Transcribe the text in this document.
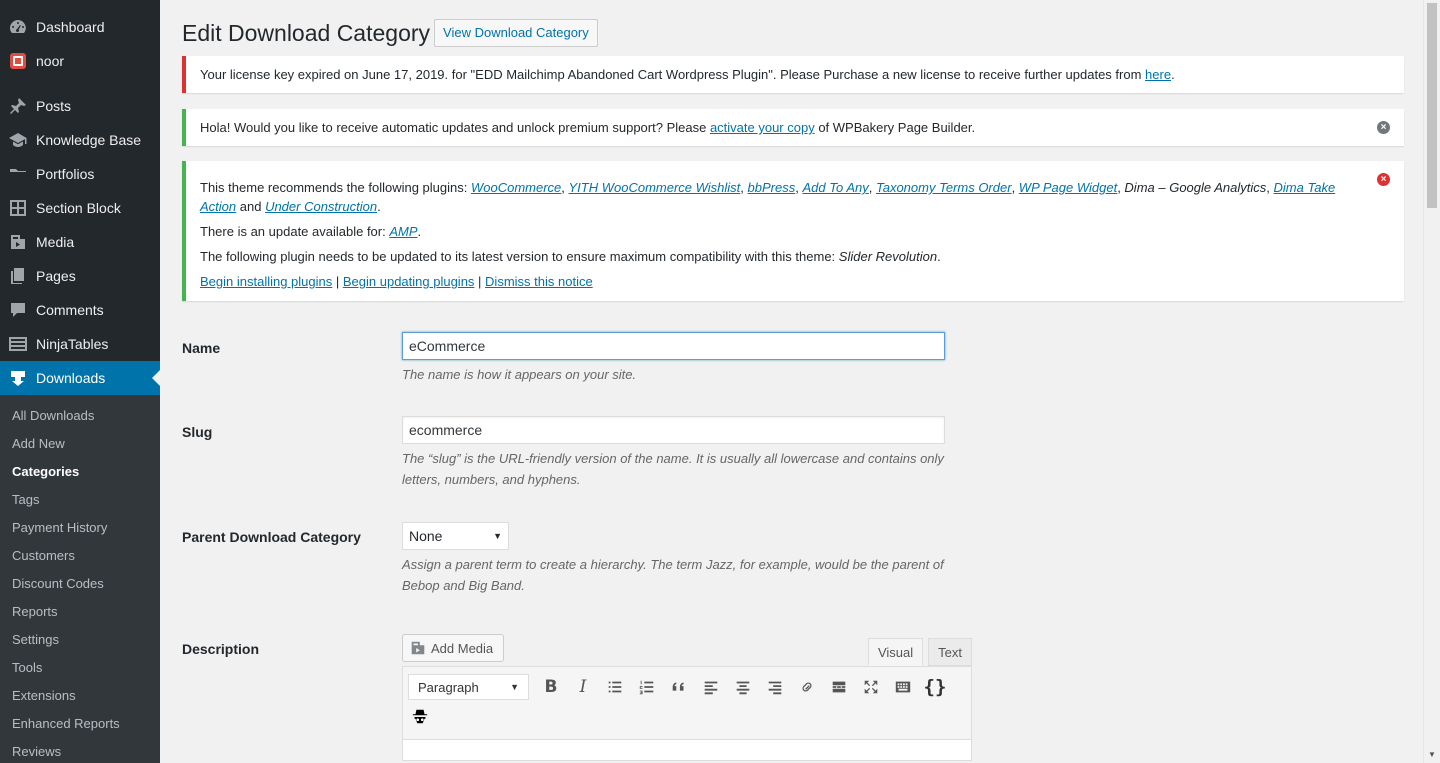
Dashboard
noor
Posts
Knowledge Base
Portfolios
Section Block
Media
Pages
Comments
NinjaTables
Downloads
All Downloads
Add New
Categories
Tags
Payment History
Customers
Discount Codes
Reports
Settings
Tools
Extensions
Enhanced Reports
Reviews
Edit Download Category	View Download Category

Your license key expired on June 17, 2019. for "EDD Mailchimp Abandoned Cart Wordpress Plugin". Please Purchase a new license to receive further updates from here.

Hola! Would you like to receive automatic updates and unlock premium support? Please activate your copy of WPBakery Page Builder.	×

This theme recommends the following plugins: WooCommerce, YITH WooCommerce Wishlist, bbPress, Add To Any, Taxonomy Terms Order, WP Page Widget, Dima – Google Analytics, Dima Take Action and Under Construction.

There is an update available for: AMP.

The following plugin needs to be updated to its latest version to ensure maximum compatibility with this theme: Slider Revolution.

Begin installing plugins | Begin updating plugins | Dismiss this notice

×
Name
eCommerce

The name is how it appears on your site.

Slug
ecommerce

The “slug” is the URL-friendly version of the name. It is usually all lowercase and contains only letters, numbers, and hyphens.

Parent Download Category	None	▼

Assign a parent term to create a hierarchy. The term Jazz, for example, would be the parent of Bebop and Big Band.

Description	Add Media	Visual	Text
Paragraph	▼ B I	{}
▼
